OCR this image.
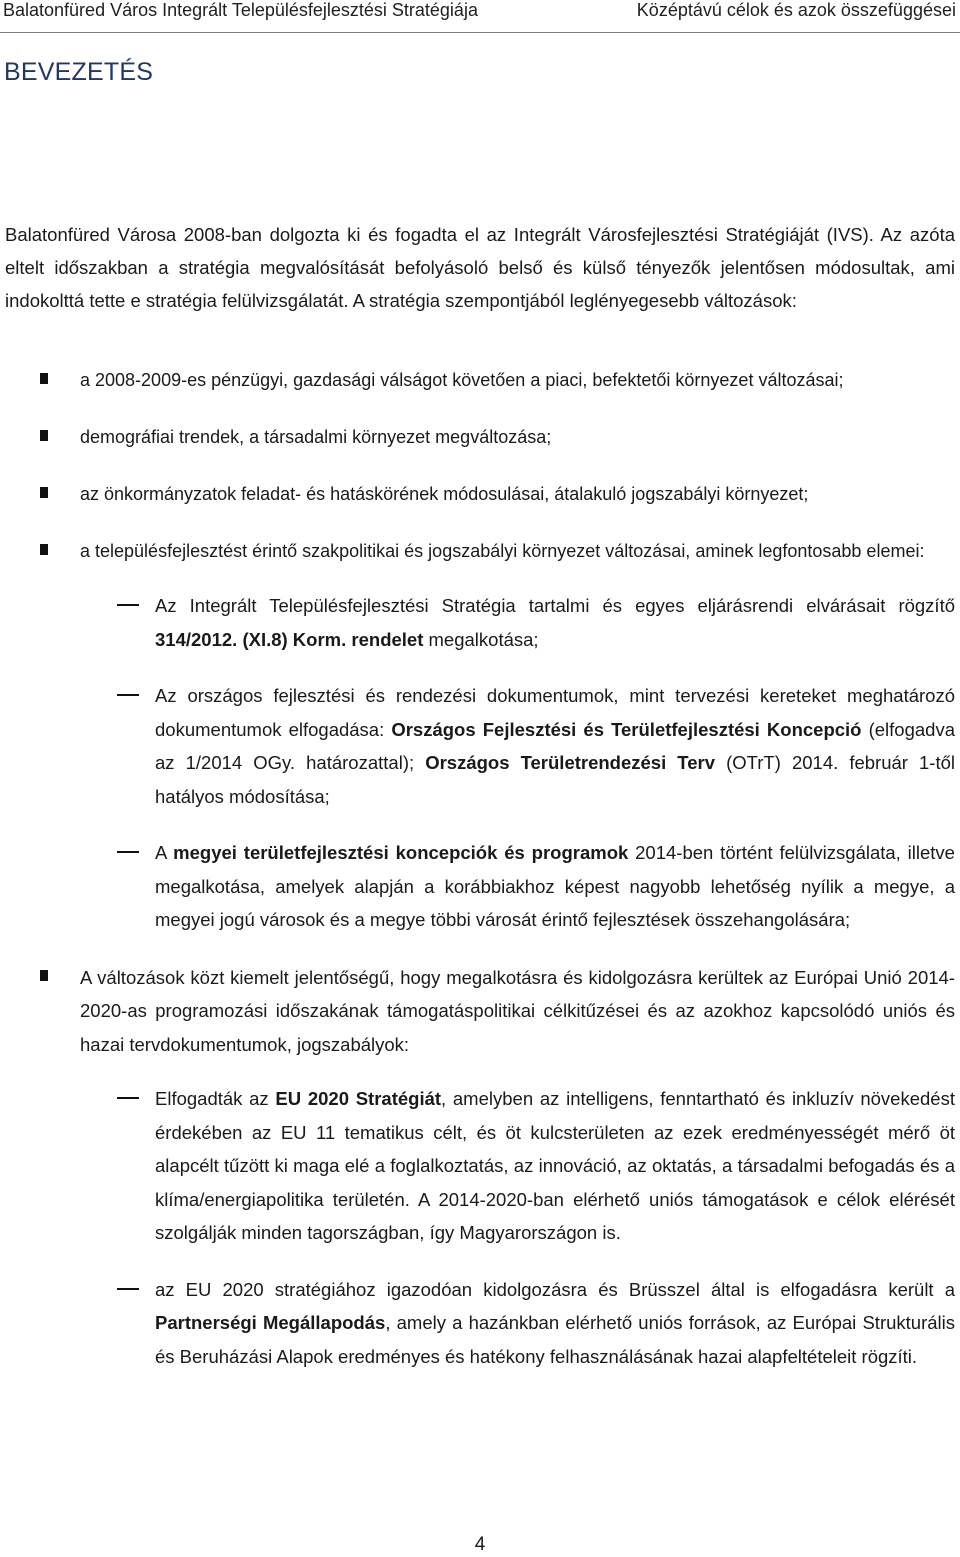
Balatonfüred Város Integrált Településfejlesztési Stratégiája	Középtávú célok és azok összefüggései
BEVEZETÉS

Balatonfüred Városa 2008-ban dolgozta ki és fogadta el az Integrált Városfejlesztési Stratégiáját (IVS). Az azóta eltelt időszakban a stratégia megvalósítását befolyásoló belső és külső tényezők jelentősen módosultak, ami indokolttá tette e stratégia felülvizsgálatát. A stratégia szempontjából leglényegesebb változások:

a 2008-2009-es pénzügyi, gazdasági válságot követően a piaci, befektetői környezet változásai;
demográfiai trendek, a társadalmi környezet megváltozása;
az önkormányzatok feladat- és hatáskörének módosulásai, átalakuló jogszabályi környezet;
a településfejlesztést érintő szakpolitikai és jogszabályi környezet változásai, aminek legfontosabb elemei:
Az Integrált Településfejlesztési Stratégia tartalmi és egyes eljárásrendi elvárásait rögzítő 314/2012. (XI.8) Korm. rendelet megalkotása;
Az országos fejlesztési és rendezési dokumentumok, mint tervezési kereteket meghatározó dokumentumok elfogadása: Országos Fejlesztési és Területfejlesztési Koncepció (elfogadva az 1/2014 OGy. határozattal); Országos Területrendezési Terv (OTrT) 2014. február 1-től hatályos módosítása;
A megyei területfejlesztési koncepciók és programok 2014-ben történt felülvizsgálata, illetve megalkotása, amelyek alapján a korábbiakhoz képest nagyobb lehetőség nyílik a megye, a megyei jogú városok és a megye többi városát érintő fejlesztések összehangolására;
A változások közt kiemelt jelentőségű, hogy megalkotásra és kidolgozásra kerültek az Európai Unió 2014-2020-as programozási időszakának támogatáspolitikai célkitűzései és az azokhoz kapcsolódó uniós és hazai tervdokumentumok, jogszabályok:
Elfogadták az EU 2020 Stratégiát, amelyben az intelligens, fenntartható és inkluzív növekedést érdekében az EU 11 tematikus célt, és öt kulcsterületen az ezek eredményességét mérő öt alapcélt tűzött ki maga elé a foglalkoztatás, az innováció, az oktatás, a társadalmi befogadás és a klíma/energiapolitika területén. A 2014-2020-ban elérhető uniós támogatások e célok elérését szolgálják minden tagországban, így Magyarországon is.
az EU 2020 stratégiához igazodóan kidolgozásra és Brüsszel által is elfogadásra került a Partnerségi Megállapodás, amely a hazánkban elérhető uniós források, az Európai Strukturális és Beruházási Alapok eredményes és hatékony felhasználásának hazai alapfeltételeit rögzíti.
4
